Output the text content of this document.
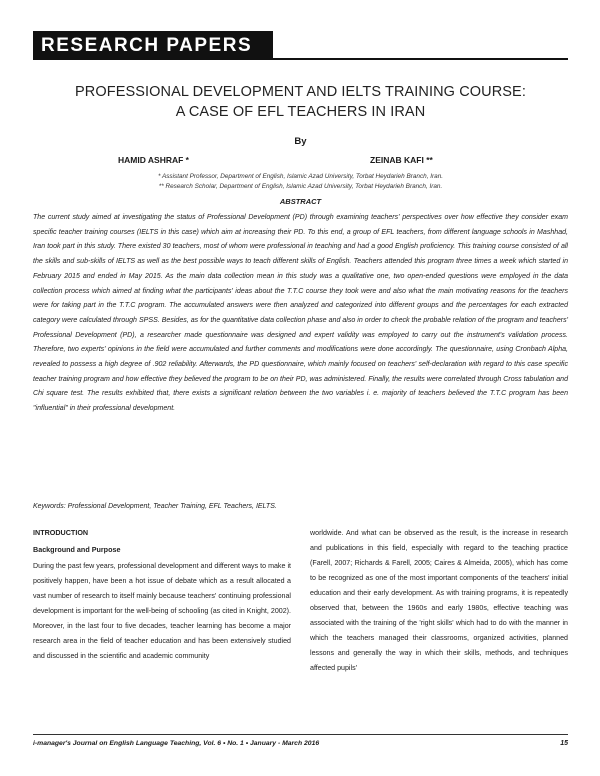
RESEARCH PAPERS
PROFESSIONAL DEVELOPMENT AND IELTS TRAINING COURSE:
A CASE OF EFL TEACHERS IN IRAN
By
HAMID ASHRAF *	ZEINAB KAFI **
* Assistant Professor, Department of English, Islamic Azad University, Torbat Heydarieh Branch, Iran.
** Research Scholar, Department of English, Islamic Azad University, Torbat Heydarieh Branch, Iran.
ABSTRACT

The current study aimed at investigating the status of Professional Development (PD) through examining teachers' perspectives over how effective they consider exam specific teacher training courses (IELTS in this case) which aim at increasing their PD. To this end, a group of EFL teachers, from different language schools in Mashhad, Iran took part in this study. There existed 30 teachers, most of whom were professional in teaching and had a good English proficiency. This training course consisted of all the skills and sub-skills of IELTS as well as the best possible ways to teach different skills of English. Teachers attended this program three times a week which started in February 2015 and ended in May 2015. As the main data collection mean in this study was a qualitative one, two open-ended questions were employed in the data collection process which aimed at finding what the participants' ideas about the T.T.C course they took were and also what the main motivating reasons for the teachers were for taking part in the T.T.C program. The accumulated answers were then analyzed and categorized into different groups and the percentages for each extracted category were calculated through SPSS. Besides, as for the quantitative data collection phase and also in order to check the probable relation of the program and teachers' Professional Development (PD), a researcher made questionnaire was designed and expert validity was employed to carry out the instrument's validation process. Therefore, two experts' opinions in the field were accumulated and further comments and modifications were done accordingly. The questionnaire, using Cronbach Alpha, revealed to possess a high degree of .902 reliability. Afterwards, the PD questionnaire, which mainly focused on teachers' self-declaration with regard to this case specific teacher training program and how effective they believed the program to be on their PD, was administered. Finally, the results were correlated through Cross tabulation and Chi square test. The results exhibited that, there exists a significant relation between the two variables i. e. majority of teachers believed the T.T.C program has been "influential" in their professional development.

Keywords: Professional Development, Teacher Training, EFL Teachers, IELTS.
INTRODUCTION
Background and Purpose

During the past few years, professional development and different ways to make it positively happen, have been a hot issue of debate which as a result allocated a vast number of research to itself mainly because teachers' continuing professional development is important for the well-being of schooling (as cited in Knight, 2002). Moreover, in the last four to five decades, teacher learning has become a major research area in the field of teacher education and has been extensively studied and discussed in the scientific and academic community

worldwide. And what can be observed as the result, is the increase in research and publications in this field, especially with regard to the teaching practice (Farell, 2007; Richards & Farell, 2005; Caires & Almeida, 2005), which has come to be recognized as one of the most important components of the teachers' initial education and their early development. As with training programs, it is repeatedly observed that, between the 1960s and early 1980s, effective teaching was associated with the training of the 'right skills' which had to do with the manner in which the teachers managed their classrooms, organized activities, planned lessons and generally the way in which their skills, methods, and techniques affected pupils'

i-manager's Journal on English Language Teaching, Vol. 6 • No. 1 • January - March 2016	15
